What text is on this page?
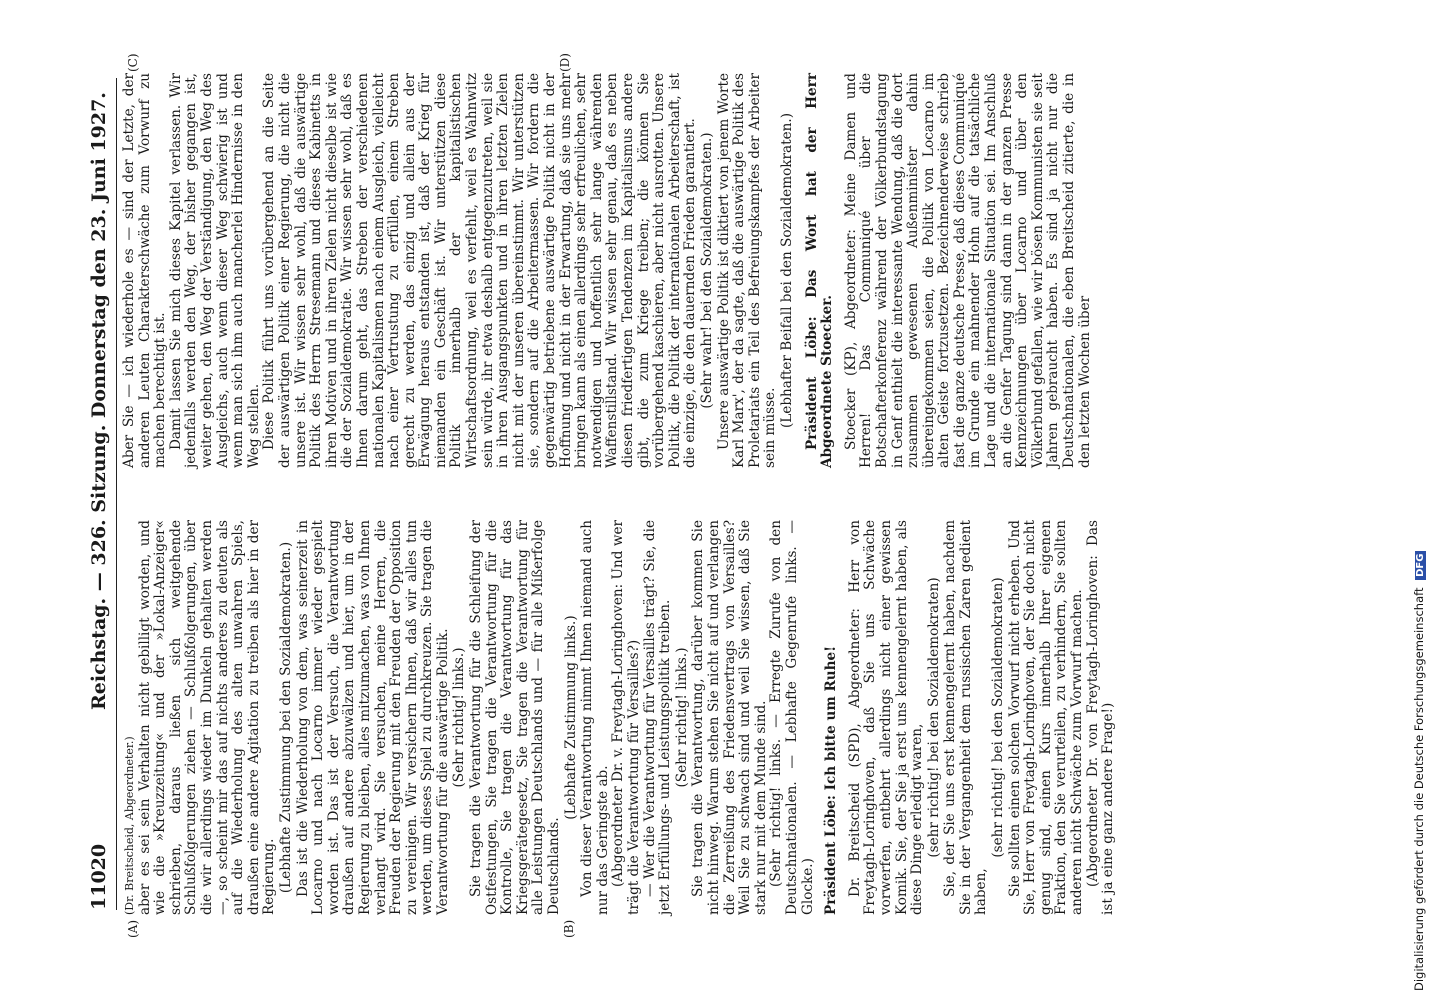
11020
Reichstag. — 326. Sitzung. Donnerstag den 23. Juni 1927.
(A)	(B)
(C)	(D)

(Dr. Breitscheid, Abgeordneter.) aber es sei sein Verhalten nicht gebilligt worden, und wie die »Kreuzzeitung« und der »Lokal-Anzeiger« schrieben, daraus ließen sich weitgehende Schlußfolgerungen ziehen — Schlußfolgerungen, über die wir allerdings wieder im Dunkeln gehalten werden —, so scheint mir das auf nichts anderes zu deuten als auf die Wiederholung des alten unwahren Spiels, draußen eine andere Agitation zu treiben als hier in der Regierung. (Lebhafte Zustimmung bei den Sozialdemokraten.) Das ist die Wiederholung von dem, was seinerzeit in Locarno und nach Locarno immer wieder gespielt worden ist. Das ist der Versuch, die Verantwortung draußen auf andere abzuwälzen und hier, um in der Regierung zu bleiben, alles mitzumachen, was von Ihnen verlangt wird. Sie versuchen, meine Herren, die Freuden der Regierung mit den Freuden der Opposition zu vereinigen. Wir versichern Ihnen, daß wir alles tun werden, um dieses Spiel zu durchkreuzen. Sie tragen die Verantwortung für die auswärtige Politik. (Sehr richtig! links.) Sie tragen die Verantwortung für die Schleifung der Ostfestungen, Sie tragen die Verantwortung für die Kontrolle, Sie tragen die Verantwortung für das Kriegsgerätegesetz, Sie tragen die Verantwortung für alle Leistungen Deutschlands und — für alle Mißerfolge Deutschlands.

(Lebhafte Zustimmung links.) Von dieser Verantwortung nimmt Ihnen niemand auch nur das Geringste ab. (Abgeordneter Dr. v. Freytagh-Loringhoven: Und wer trägt die Verantwortung für Versailles?) — Wer die Verantwortung für Versailles trägt? Sie, die jetzt Erfüllungs- und Leistungspolitik treiben. (Sehr richtig! links.) Sie tragen die Verantwortung, darüber kommen Sie nicht hinweg. Warum stehen Sie nicht auf und verlangen die Zerreißung des Friedensvertrags von Versailles? Weil Sie zu schwach sind und weil Sie wissen, daß Sie stark nur mit dem Munde sind. (Sehr richtig! links. — Erregte Zurufe von den Deutschnationalen. — Lebhafte Gegenrufe links. — Glocke.) Präsident Löbe: Ich bitte um Ruhe! Dr. Breitscheid (SPD), Abgeordneter: Herr von Freytagh-Loringhoven, daß Sie uns Schwäche vorwerfen, entbehrt allerdings nicht einer gewissen Komik. Sie, der Sie ja erst uns kennengelernt haben, als diese Dinge erledigt waren, (sehr richtig! bei den Sozialdemokraten) Sie, der Sie uns erst kennengelernt haben, nachdem Sie in der Vergangenheit dem russischen Zaren gedient haben,

(sehr richtig! bei den Sozialdemokraten) Sie sollten einen solchen Vorwurf nicht erheben. Und Sie, Herr von Freytagh-Loringhoven, der Sie doch nicht genug sind, einen Kurs innerhalb Ihrer eigenen Fraktion, den Sie verurteilen, zu verhindern, Sie sollten anderen nicht Schwäche zum Vorwurf machen. (Abgeordneter Dr. von Freytagh-Loringhoven: Das ist ja eine ganz andere Frage!)

Aber Sie — ich wiederhole es — sind der Letzte, der anderen Leuten Charakterschwäche zum Vorwurf zu machen berechtigt ist. Damit lassen Sie mich dieses Kapitel verlassen. Wir jedenfalls werden den Weg, der bisher gegangen ist, weiter gehen, den Weg der Verständigung, den Weg des Ausgleichs, auch wenn dieser Weg schwierig ist und wenn man sich ihm auch mancherlei Hindernisse in den Weg stellen. Diese Politik führt uns vorübergehend an die Seite der auswärtigen Politik einer Regierung, die nicht die unsere ist. Wir wissen sehr wohl, daß die auswärtige Politik des Herrn Stresemann und dieses Kabinetts in ihren Motiven und in ihren Zielen nicht dieselbe ist wie die der Sozialdemokratie. Wir wissen sehr wohl, daß es Ihnen darum geht, das Streben der verschiedenen nationalen Kapitalismen nach einem Ausgleich, vielleicht nach einer Vertrustung zu erfüllen, einem Streben gerecht zu werden, das einzig und allein aus der Erwägung heraus entstanden ist, daß der Krieg für niemanden ein Geschäft ist. Wir unterstützen diese Politik innerhalb der kapitalistischen Wirtschaftsordnung, weil es verfehlt, weil es Wahnwitz sein würde, ihr etwa deshalb entgegenzutreten, weil sie in ihren Ausgangspunkten und in ihren letzten Zielen nicht mit der unseren übereinstimmt. Wir unterstützen sie, sondern auf die Arbeitermassen. Wir fordern die gegenwärtig betriebene auswärtige Politik nicht in der Hoffnung und nicht in der Erwartung, daß sie uns mehr bringen kann als einen allerdings sehr erfreulichen, sehr notwendigen und hoffentlich sehr lange währenden Waffenstillstand. Wir wissen sehr genau, daß es neben diesen friedfertigen Tendenzen im Kapitalismus andere gibt, die zum Kriege treiben; die können Sie vorübergehend kaschieren, aber nicht ausrotten. Unsere Politik, die Politik der internationalen Arbeiterschaft, ist die einzige, die den dauernden Frieden garantiert. (Sehr wahr! bei den Sozialdemokraten.) Unsere auswärtige Politik ist diktiert von jenem Worte Karl Marx', der da sagte, daß die auswärtige Politik des Proletariats ein Teil des Befreiungskampfes der Arbeiter sein müsse. (Lebhafter Beifall bei den Sozialdemokraten.) Präsident Löbe: Das Wort hat der Herr Abgeordnete Stoecker. Stoecker (KP), Abgeordneter: Meine Damen und Herren! Das Communiqué über die Botschafterkonferenz während der Völkerbundstagung in Genf enthielt die interessante Wendung, daß die dort zusammen gewesenen Außenminister dahin übereingekommen seien, die Politik von Locarno im alten Geiste fortzusetzen. Bezeichnenderweise schrieb fast die ganze deutsche Presse, daß dieses Communiqué im Grunde ein mahnender Hohn auf die tatsächliche Lage und die internationale Situation sei. Im Anschluß an die Genfer Tagung sind dann in der ganzen Presse Kennzeichnungen über Locarno und über den Völkerbund gefallen, wie wir bösen Kommunisten sie seit Jahren gebraucht haben. Es sind ja nicht nur die Deutschnationalen, die eben Breitscheid zitierte, die in den letzten Wochen über

Digitalisierung gefördert durch die Deutsche Forschungsgemeinschaft DFG
